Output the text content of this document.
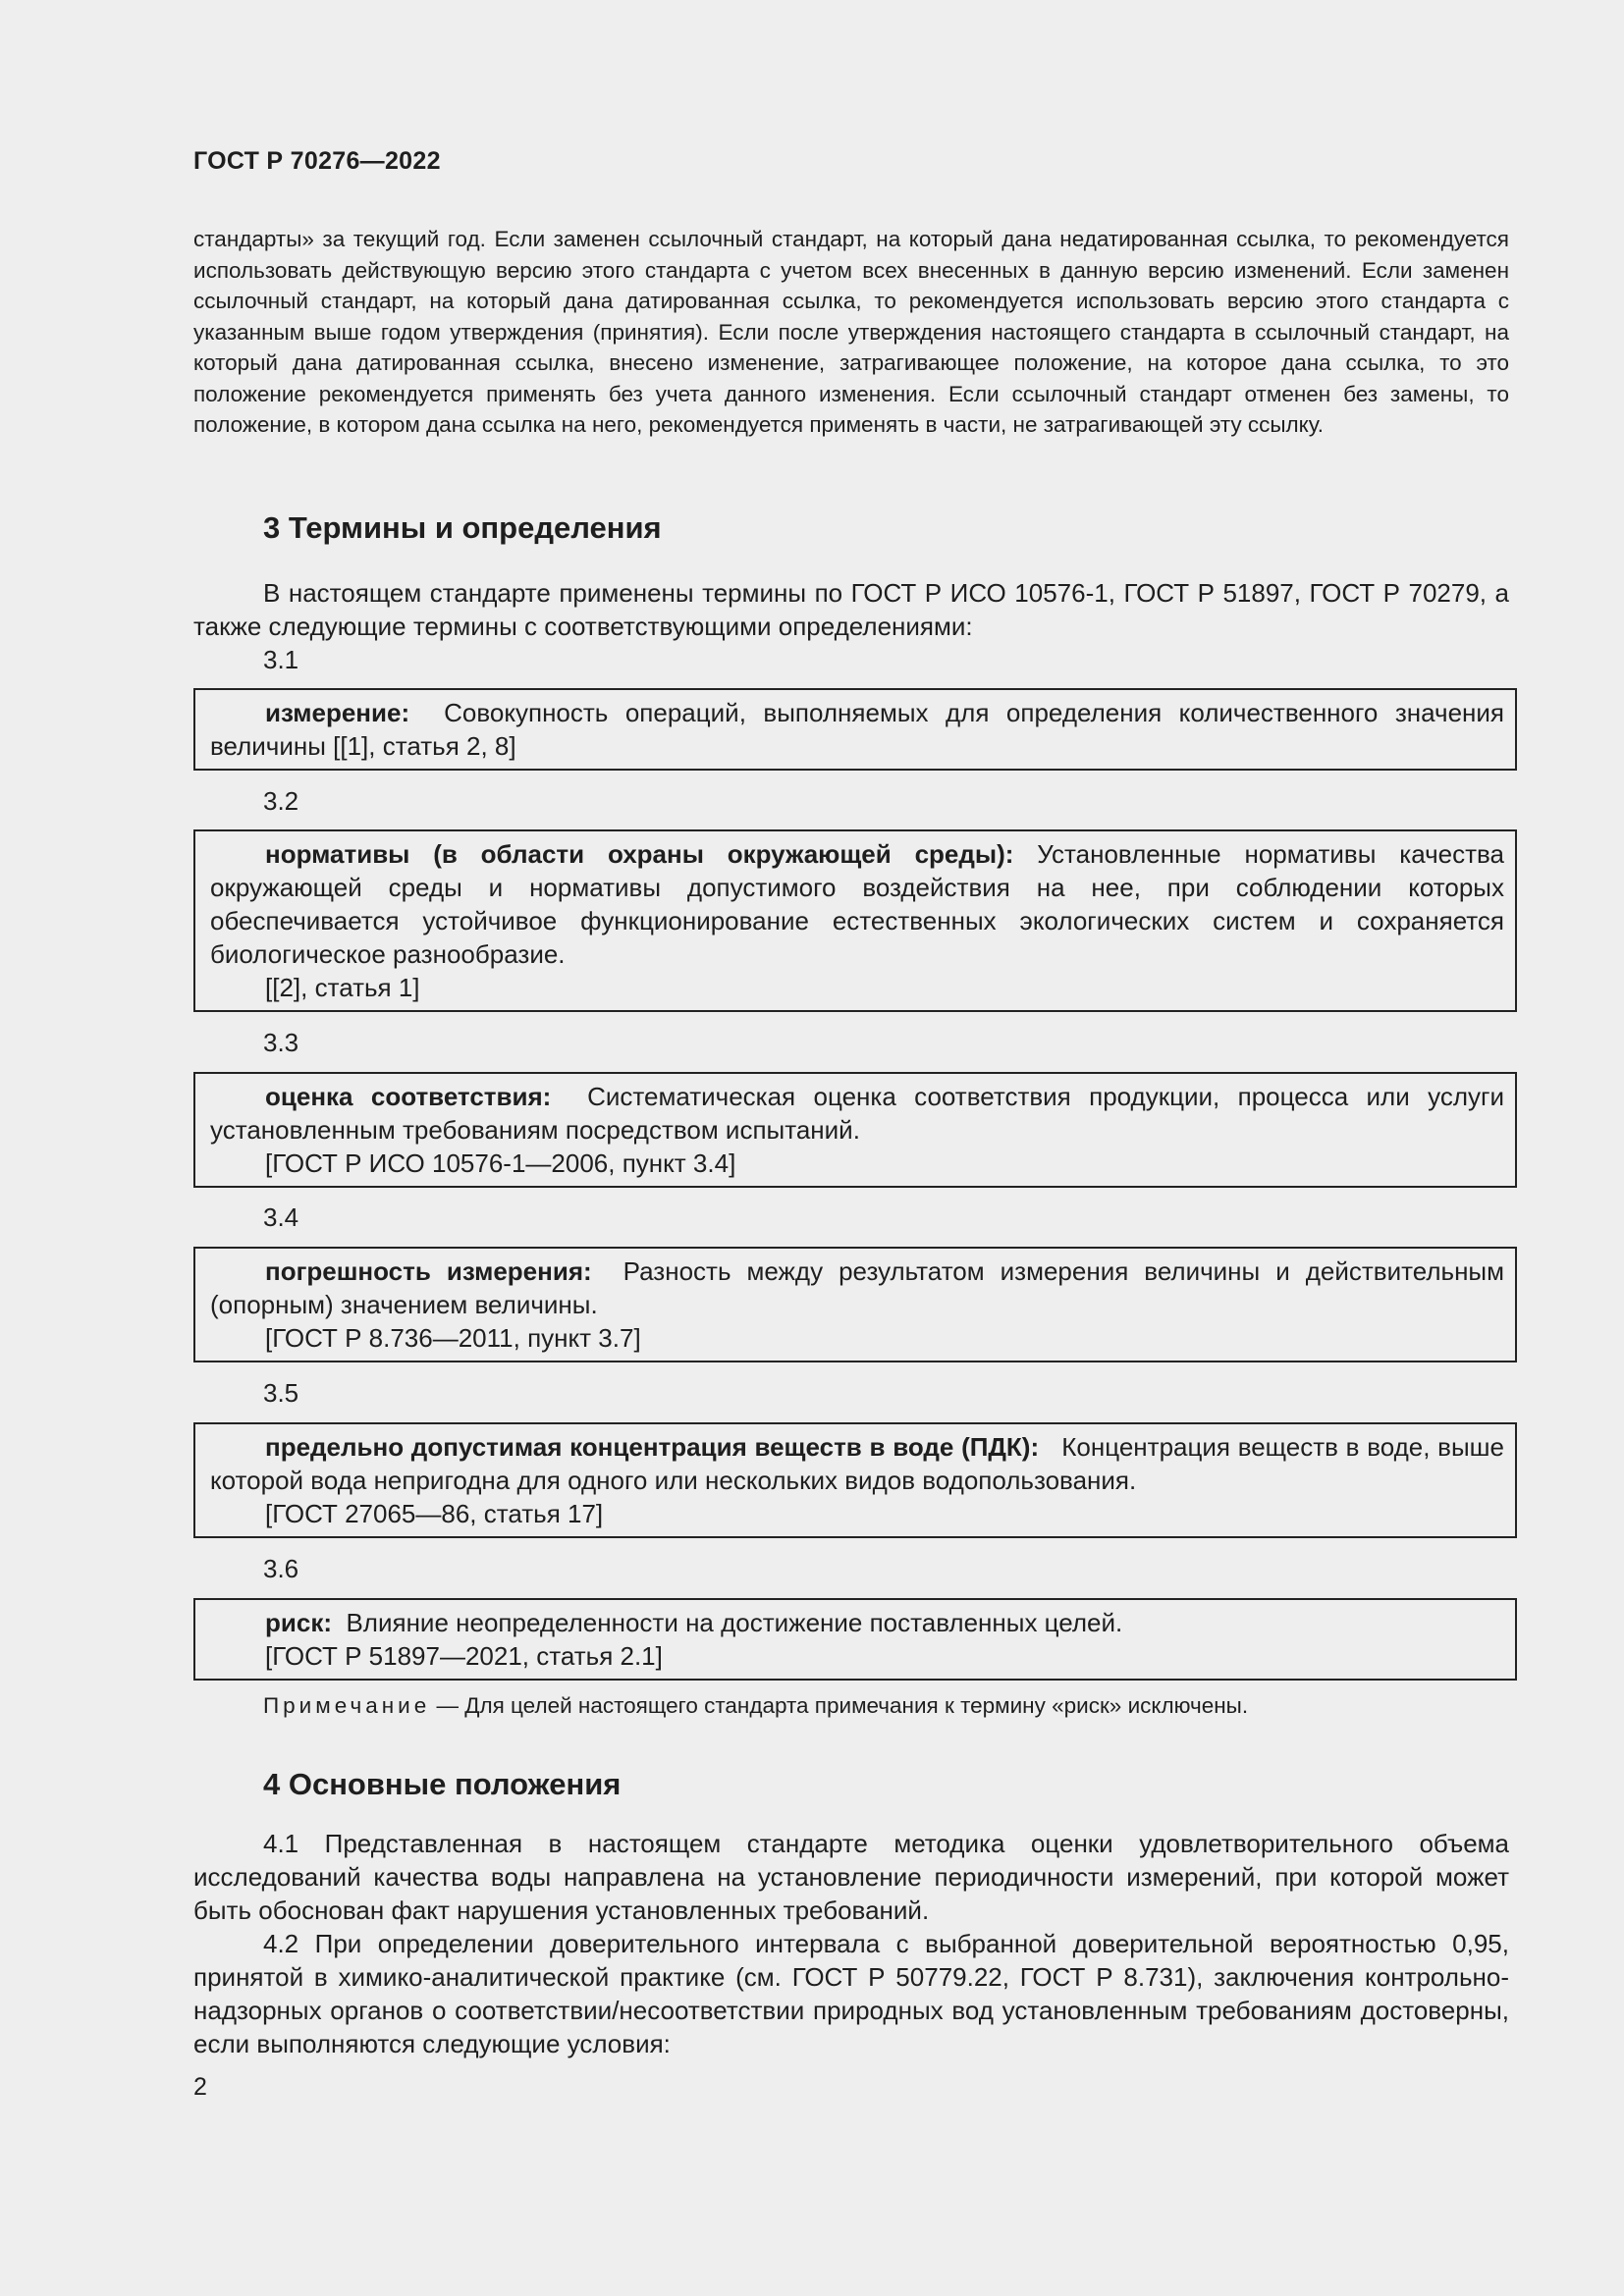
ГОСТ Р 70276—2022
стандарты» за текущий год. Если заменен ссылочный стандарт, на который дана недатированная ссылка, то рекомендуется использовать действующую версию этого стандарта с учетом всех внесенных в данную версию изменений. Если заменен ссылочный стандарт, на который дана датированная ссылка, то рекомендуется использовать версию этого стандарта с указанным выше годом утверждения (принятия). Если после утверждения настоящего стандарта в ссылочный стандарт, на который дана датированная ссылка, внесено изменение, затрагивающее положение, на которое дана ссылка, то это положение рекомендуется применять без учета данного изменения. Если ссылочный стандарт отменен без замены, то положение, в котором дана ссылка на него, рекомендуется применять в части, не затрагивающей эту ссылку.
3 Термины и определения
В настоящем стандарте применены термины по ГОСТ Р ИСО 10576-1, ГОСТ Р 51897, ГОСТ Р 70279, а также следующие термины с соответствующими определениями:
3.1

измерение: Совокупность операций, выполняемых для определения количественного значения величины [[1], статья 2, 8]

3.2

нормативы (в области охраны окружающей среды): Установленные нормативы качества окружающей среды и нормативы допустимого воздействия на нее, при соблюдении которых обеспечивается устойчивое функционирование естественных экологических систем и сохраняется биологическое разнообразие.

[[2], статья 1]

3.3

оценка соответствия: Систематическая оценка соответствия продукции, процесса или услуги установленным требованиям посредством испытаний.

[ГОСТ Р ИСО 10576-1—2006, пункт 3.4]

3.4

погрешность измерения: Разность между результатом измерения величины и действительным (опорным) значением величины.

[ГОСТ Р 8.736—2011, пункт 3.7]

3.5

предельно допустимая концентрация веществ в воде (ПДК): Концентрация веществ в воде, выше которой вода непригодна для одного или нескольких видов водопользования.

[ГОСТ 27065—86, статья 17]

3.6

риск: Влияние неопределенности на достижение поставленных целей.

[ГОСТ Р 51897—2021, статья 2.1]

Примечание — Для целей настоящего стандарта примечания к термину «риск» исключены.
4 Основные положения
4.1 Представленная в настоящем стандарте методика оценки удовлетворительного объема исследований качества воды направлена на установление периодичности измерений, при которой может быть обоснован факт нарушения установленных требований.
4.2 При определении доверительного интервала с выбранной доверительной вероятностью 0,95, принятой в химико-аналитической практике (см. ГОСТ Р 50779.22, ГОСТ Р 8.731), заключения контрольно-надзорных органов о соответствии/несоответствии природных вод установленным требованиям достоверны, если выполняются следующие условия:
2
